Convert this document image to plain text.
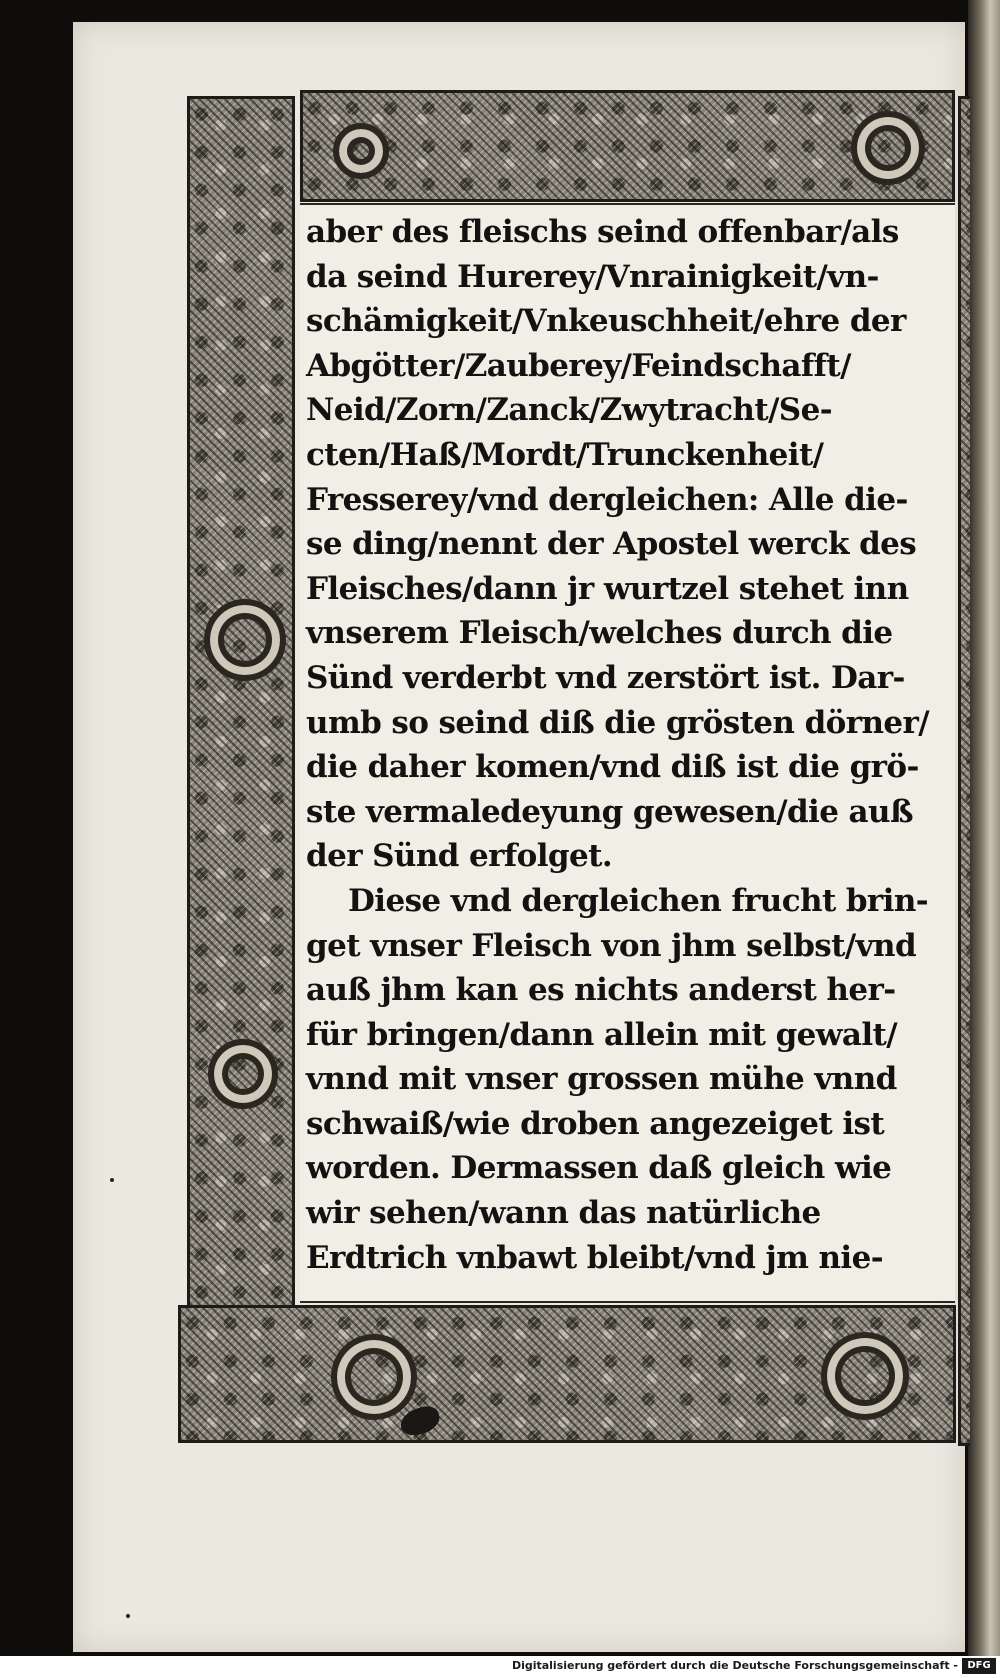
aber des fleischs seind offenbar/als
da seind Hurerey/Vnrainigkeit/vn-
schämigkeit/Vnkeuschheit/ehre der
Abgötter/Zauberey/Feindschafft/
Neid/Zorn/Zanck/Zwytracht/Se-
cten/Haß/Mordt/Trunckenheit/
Fresserey/vnd dergleichen: Alle die-
se ding/nennt der Apostel werck des
Fleisches/dann jr wurtzel stehet inn
vnserem Fleisch/welches durch die
Sünd verderbt vnd zerstört ist. Dar-
umb so seind diß die grösten dörner/
die daher komen/vnd diß ist die grö-
ste vermaledeyung gewesen/die auß
der Sünd erfolget.
Diese vnd dergleichen frucht brin-
get vnser Fleisch von jhm selbst/vnd
auß jhm kan es nichts anderst her-
für bringen/dann allein mit gewalt/
vnnd mit vnser grossen mühe vnnd
schwaiß/wie droben angezeiget ist
worden. Dermassen daß gleich wie
wir sehen/wann das natürliche
Erdtrich vnbawt bleibt/vnd jm nie-
Digitalisierung gefördert durch die Deutsche Forschungsgemeinschaft - DFG
